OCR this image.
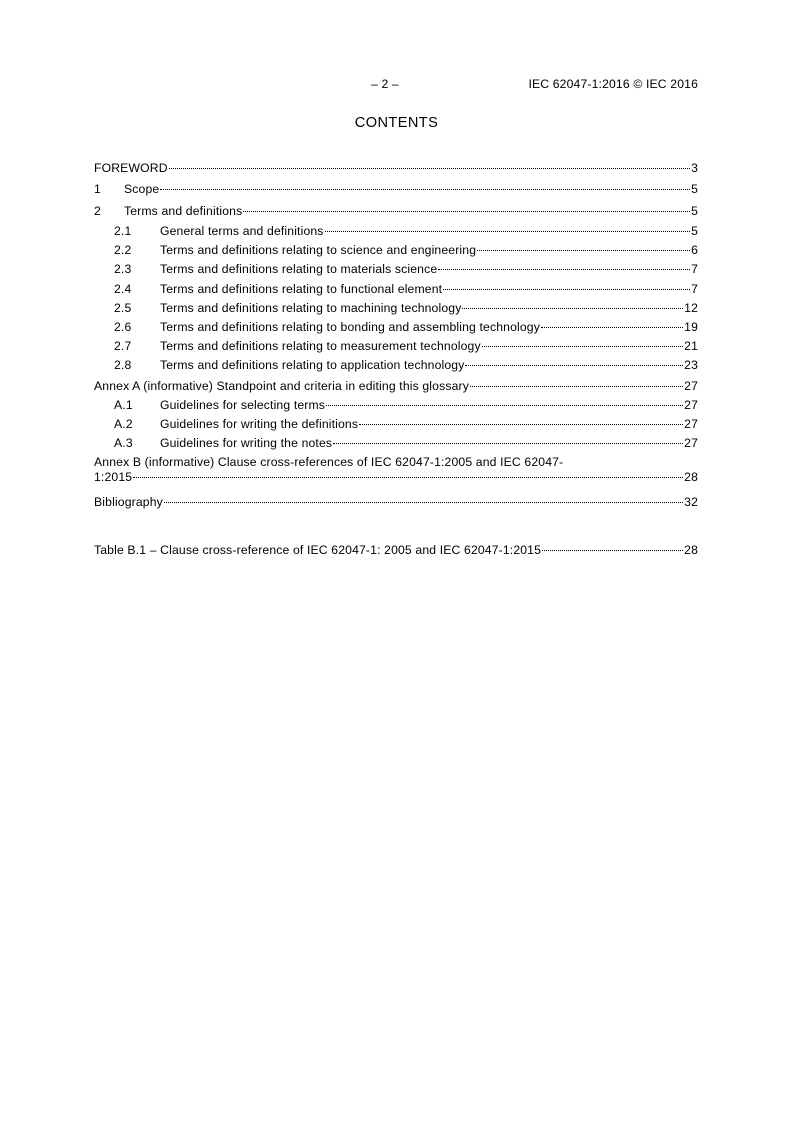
– 2 –	IEC 62047-1:2016 © IEC 2016
CONTENTS
FOREWORD	3
1	Scope	5
2	Terms and definitions	5
2.1	General terms and definitions	5
2.2	Terms and definitions relating to science and engineering	6
2.3	Terms and definitions relating to materials science	7
2.4	Terms and definitions relating to functional element	7
2.5	Terms and definitions relating to machining technology	12
2.6	Terms and definitions relating to bonding and assembling technology	19
2.7	Terms and definitions relating to measurement technology	21
2.8	Terms and definitions relating to application technology	23
Annex A (informative) Standpoint and criteria in editing this glossary	27
A.1	Guidelines for selecting terms	27
A.2	Guidelines for writing the definitions	27
A.3	Guidelines for writing the notes	27
Annex B (informative) Clause cross-references of IEC 62047-1:2005 and IEC 62047-
1:2015	28
Bibliography	32
Table B.1 – Clause cross-reference of IEC 62047-1: 2005 and IEC 62047-1:2015	28
